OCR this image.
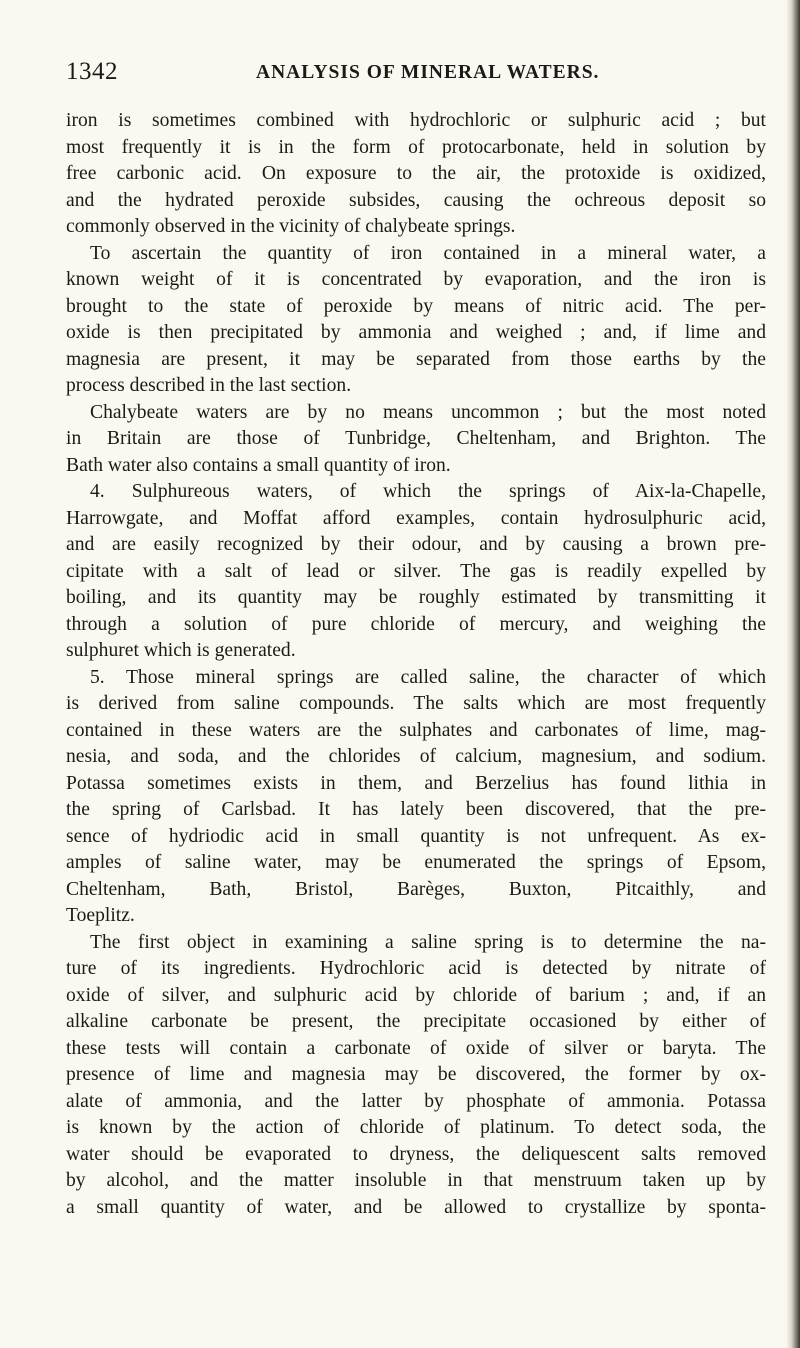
1342	ANALYSIS OF MINERAL WATERS.
iron is sometimes combined with hydrochloric or sulphuric acid ; but
most frequently it is in the form of protocarbonate, held in solution by
free carbonic acid. On exposure to the air, the protoxide is oxidized,
and the hydrated peroxide subsides, causing the ochreous deposit so
commonly observed in the vicinity of chalybeate springs.
To ascertain the quantity of iron contained in a mineral water, a
known weight of it is concentrated by evaporation, and the iron is
brought to the state of peroxide by means of nitric acid. The per-
oxide is then precipitated by ammonia and weighed ; and, if lime and
magnesia are present, it may be separated from those earths by the
process described in the last section.
Chalybeate waters are by no means uncommon ; but the most noted
in Britain are those of Tunbridge, Cheltenham, and Brighton. The
Bath water also contains a small quantity of iron.
4. Sulphureous waters, of which the springs of Aix-la-Chapelle,
Harrowgate, and Moffat afford examples, contain hydrosulphuric acid,
and are easily recognized by their odour, and by causing a brown pre-
cipitate with a salt of lead or silver. The gas is readily expelled by
boiling, and its quantity may be roughly estimated by transmitting it
through a solution of pure chloride of mercury, and weighing the
sulphuret which is generated.
5. Those mineral springs are called saline, the character of which
is derived from saline compounds. The salts which are most frequently
contained in these waters are the sulphates and carbonates of lime, mag-
nesia, and soda, and the chlorides of calcium, magnesium, and sodium.
Potassa sometimes exists in them, and Berzelius has found lithia in
the spring of Carlsbad. It has lately been discovered, that the pre-
sence of hydriodic acid in small quantity is not unfrequent. As ex-
amples of saline water, may be enumerated the springs of Epsom,
Cheltenham, Bath, Bristol, Barèges, Buxton, Pitcaithly, and
Toeplitz.
The first object in examining a saline spring is to determine the na-
ture of its ingredients. Hydrochloric acid is detected by nitrate of
oxide of silver, and sulphuric acid by chloride of barium ; and, if an
alkaline carbonate be present, the precipitate occasioned by either of
these tests will contain a carbonate of oxide of silver or baryta. The
presence of lime and magnesia may be discovered, the former by ox-
alate of ammonia, and the latter by phosphate of ammonia. Potassa
is known by the action of chloride of platinum. To detect soda, the
water should be evaporated to dryness, the deliquescent salts removed
by alcohol, and the matter insoluble in that menstruum taken up by
a small quantity of water, and be allowed to crystallize by sponta-
